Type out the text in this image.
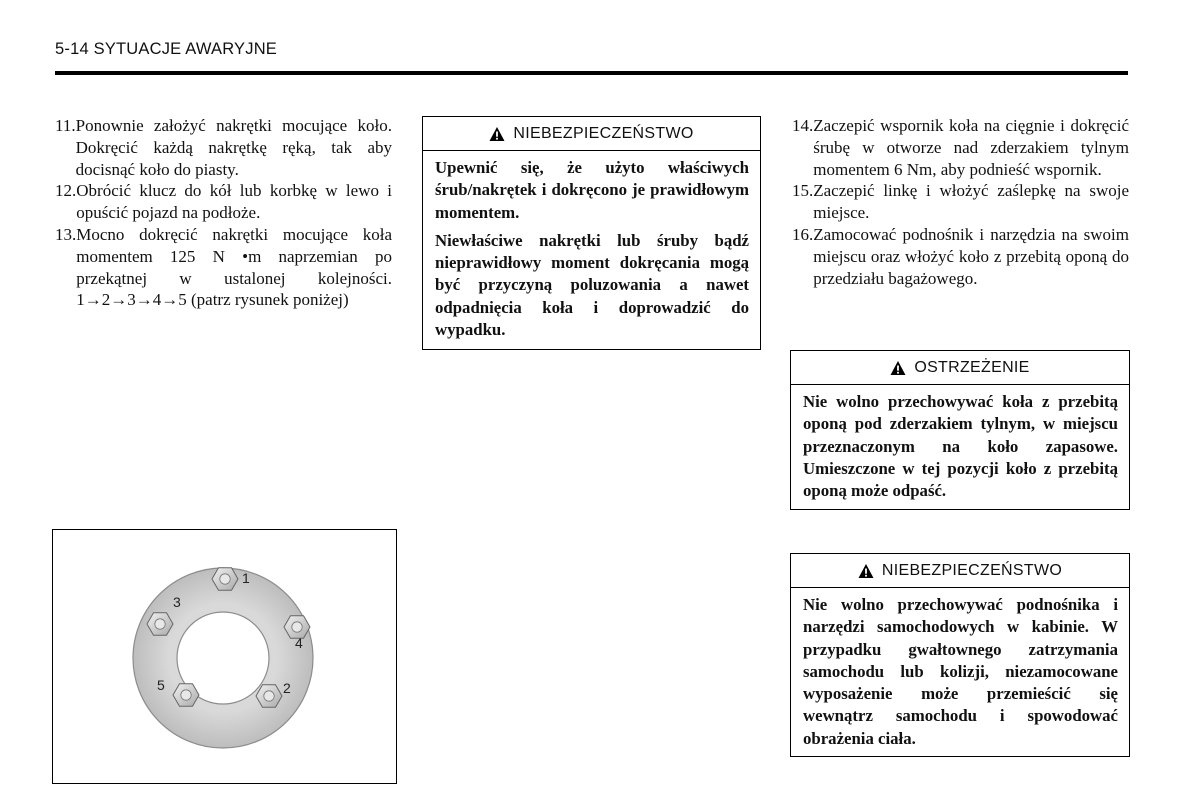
5-14 SYTUACJE AWARYJNE
11. Ponownie założyć nakrętki mocujące koło. Dokręcić każdą nakrętkę ręką, tak aby docisnąć koło do piasty.
12. Obrócić klucz do kół lub korbkę w lewo i opuścić pojazd na podłoże.
13. Mocno dokręcić nakrętki mocujące koła momentem 125 N •m naprzemian po przekątnej w ustalonej kolejności. 1→2→3→4→5 (patrz rysunek poniżej)
NIEBEZPIECZEŃSTWO

Upewnić się, że użyto właściwych śrub/nakrętek i dokręcono je prawidłowym momentem.

Niewłaściwe nakrętki lub śruby bądź nieprawidłowy moment dokręcania mogą być przyczyną poluzowania a nawet odpadnięcia koła i doprowadzić do wypadku.

14. Zaczepić wspornik koła na cięgnie i dokręcić śrubę w otworze nad zderzakiem tylnym momentem 6 Nm, aby podnieść wspornik.
15. Zaczepić linkę i włożyć zaślepkę na swoje miejsce.
16. Zamocować podnośnik i narzędzia na swoim miejscu oraz włożyć koło z przebitą oponą do przedziału bagażowego.
OSTRZEŻENIE

Nie wolno przechowywać koła z przebitą oponą pod zderzakiem tylnym, w miejscu przeznaczonym na koło zapasowe. Umieszczone w tej pozycji koło z przebitą oponą może odpaść.

NIEBEZPIECZEŃSTWO

Nie wolno przechowywać podnośnika i narzędzi samochodowych w kabinie. W przypadku gwałtownego zatrzymania samochodu lub kolizji, niezamocowane wyposażenie może przemieścić się wewnątrz samochodu i spowodować obrażenia ciała.

1
2
3
4
5
